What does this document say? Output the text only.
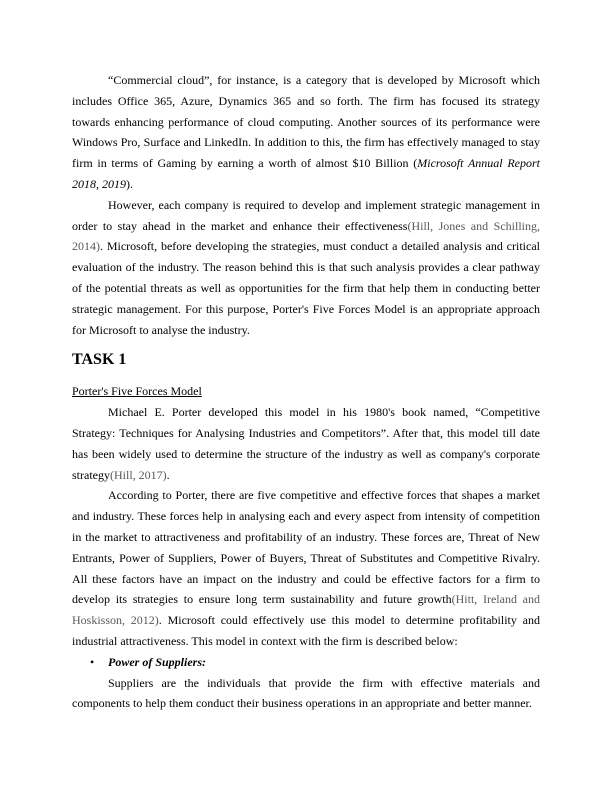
“Commercial cloud”, for instance, is a category that is developed by Microsoft which includes Office 365, Azure, Dynamics 365 and so forth. The firm has focused its strategy towards enhancing performance of cloud computing. Another sources of its performance were Windows Pro, Surface and LinkedIn. In addition to this, the firm has effectively managed to stay firm in terms of Gaming by earning a worth of almost $10 Billion (Microsoft Annual Report 2018, 2019).

However, each company is required to develop and implement strategic management in order to stay ahead in the market and enhance their effectiveness(Hill, Jones and Schilling, 2014). Microsoft, before developing the strategies, must conduct a detailed analysis and critical evaluation of the industry. The reason behind this is that such analysis provides a clear pathway of the potential threats as well as opportunities for the firm that help them in conducting better strategic management. For this purpose, Porter's Five Forces Model is an appropriate approach for Microsoft to analyse the industry.

TASK 1

Porter's Five Forces Model

Michael E. Porter developed this model in his 1980's book named, “Competitive Strategy: Techniques for Analysing Industries and Competitors”. After that, this model till date has been widely used to determine the structure of the industry as well as company's corporate strategy(Hill, 2017).

According to Porter, there are five competitive and effective forces that shapes a market and industry. These forces help in analysing each and every aspect from intensity of competition in the market to attractiveness and profitability of an industry. These forces are, Threat of New Entrants, Power of Suppliers, Power of Buyers, Threat of Substitutes and Competitive Rivalry. All these factors have an impact on the industry and could be effective factors for a firm to develop its strategies to ensure long term sustainability and future growth(Hitt, Ireland and Hoskisson, 2012). Microsoft could effectively use this model to determine profitability and industrial attractiveness. This model in context with the firm is described below:

• Power of Suppliers:

Suppliers are the individuals that provide the firm with effective materials and components to help them conduct their business operations in an appropriate and better manner.
